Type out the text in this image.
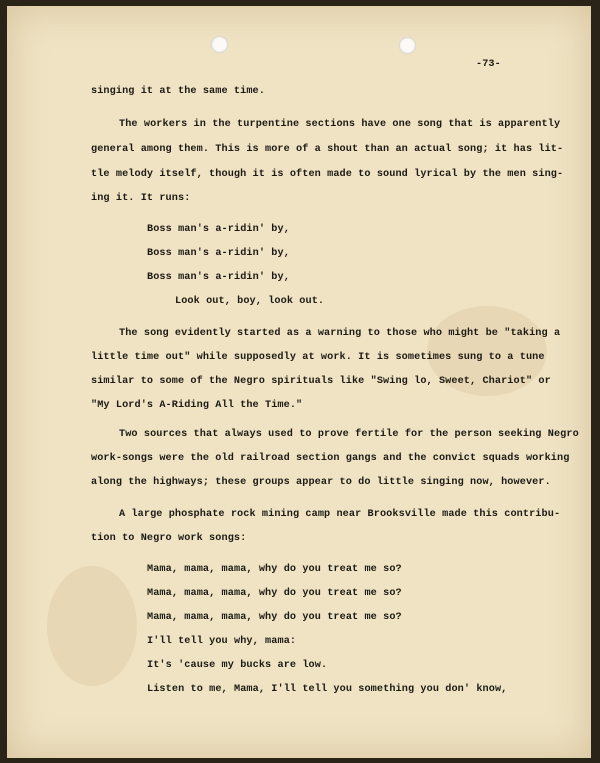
-73-
singing it at the same time.
The workers in the turpentine sections have one song that is apparently
general among them. This is more of a shout than an actual song; it has lit-
tle melody itself, though it is often made to sound lyrical by the men sing-
ing it. It runs:
Boss man's a-ridin' by,
Boss man's a-ridin' by,
Boss man's a-ridin' by,
Look out, boy, look out.
The song evidently started as a warning to those who might be "taking a
little time out" while supposedly at work. It is sometimes sung to a tune
similar to some of the Negro spirituals like "Swing lo, Sweet, Chariot" or
"My Lord's A-Riding All the Time."
Two sources that always used to prove fertile for the person seeking Negro
work-songs were the old railroad section gangs and the convict squads working
along the highways; these groups appear to do little singing now, however.
A large phosphate rock mining camp near Brooksville made this contribu-
tion to Negro work songs:
Mama, mama, mama, why do you treat me so?
Mama, mama, mama, why do you treat me so?
Mama, mama, mama, why do you treat me so?
I'll tell you why, mama:
It's 'cause my bucks are low.
Listen to me, Mama, I'll tell you something you don' know,
